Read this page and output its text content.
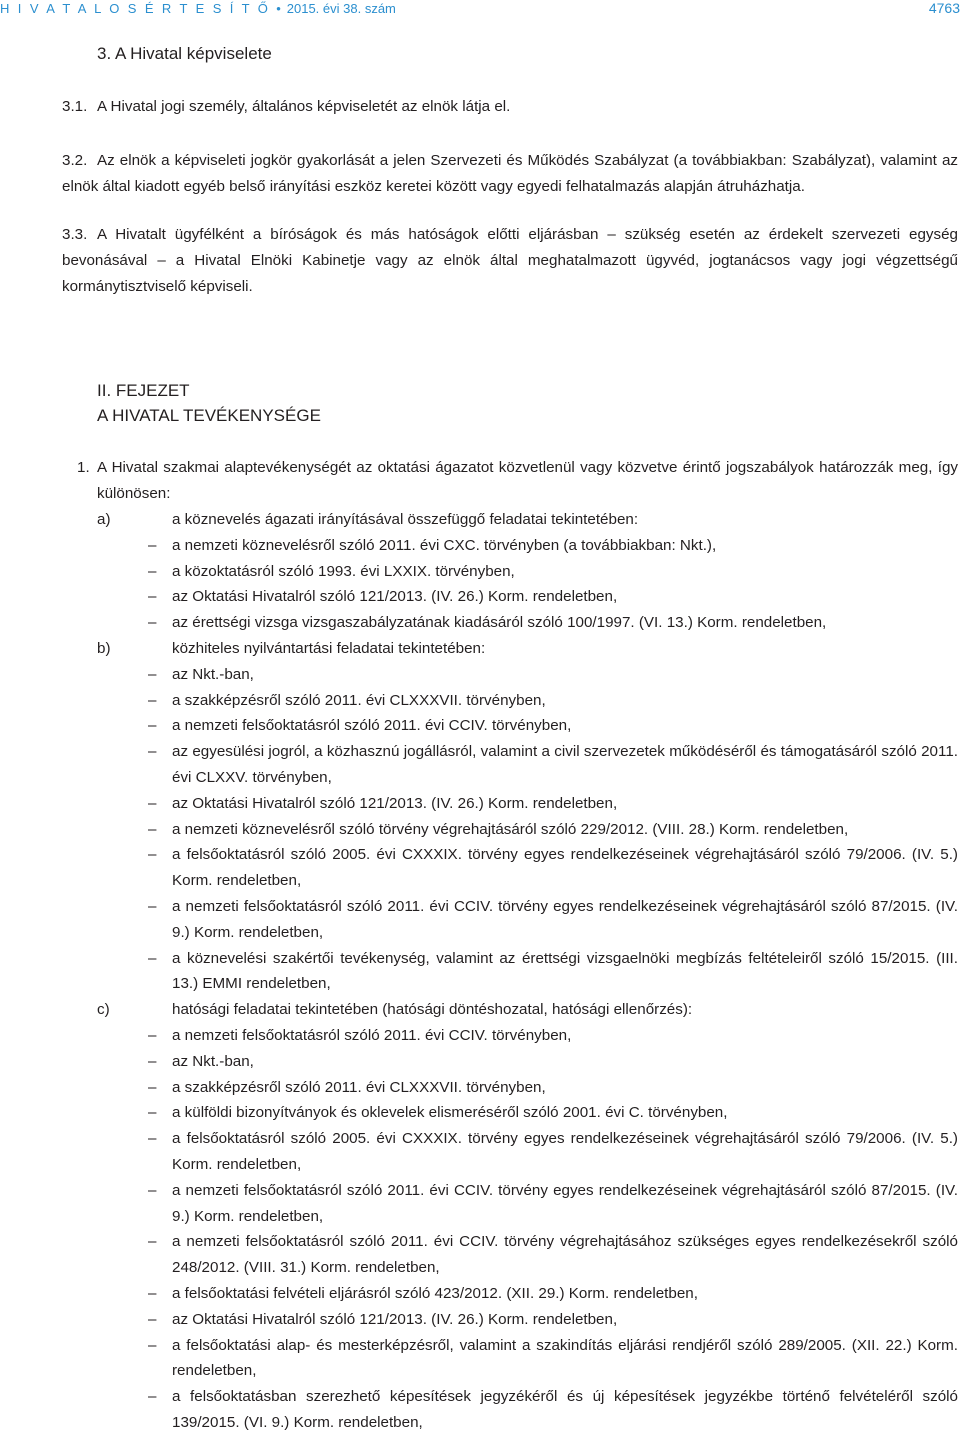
H I V A T A L O S É R T E S Í T Ő • 2015. évi 38. szám	4763
3. A Hivatal képviselete
3.1. A Hivatal jogi személy, általános képviseletét az elnök látja el.
3.2. Az elnök a képviseleti jogkör gyakorlását a jelen Szervezeti és Működés Szabályzat (a továbbiakban: Szabályzat), valamint az elnök által kiadott egyéb belső irányítási eszköz keretei között vagy egyedi felhatalmazás alapján átruházhatja.
3.3. A Hivatalt ügyfélként a bíróságok és más hatóságok előtti eljárásban – szükség esetén az érdekelt szervezeti egység bevonásával – a Hivatal Elnöki Kabinetje vagy az elnök által meghatalmazott ügyvéd, jogtanácsos vagy jogi végzettségű kormánytisztviselő képviseli.
II. FEJEZET
A HIVATAL TEVÉKENYSÉGE
1. A Hivatal szakmai alaptevékenységét az oktatási ágazatot közvetlenül vagy közvetve érintő jogszabályok határozzák meg, így különösen:
a)	a köznevelés ágazati irányításával összefüggő feladatai tekintetében:
–	a nemzeti köznevelésről szóló 2011. évi CXC. törvényben (a továbbiakban: Nkt.),
–	a közoktatásról szóló 1993. évi LXXIX. törvényben,
–	az Oktatási Hivatalról szóló 121/2013. (IV. 26.) Korm. rendeletben,
–	az érettségi vizsga vizsgaszabályzatának kiadásáról szóló 100/1997. (VI. 13.) Korm. rendeletben,
b)	közhiteles nyilvántartási feladatai tekintetében:
–	az Nkt.-ban,
–	a szakképzésről szóló 2011. évi CLXXXVII. törvényben,
–	a nemzeti felsőoktatásról szóló 2011. évi CCIV. törvényben,
–	az egyesülési jogról, a közhasznú jogállásról, valamint a civil szervezetek működéséről és támogatásáról szóló 2011. évi CLXXV. törvényben,
–	az Oktatási Hivatalról szóló 121/2013. (IV. 26.) Korm. rendeletben,
–	a nemzeti köznevelésről szóló törvény végrehajtásáról szóló 229/2012. (VIII. 28.) Korm. rendeletben,
–	a felsőoktatásról szóló 2005. évi CXXXIX. törvény egyes rendelkezéseinek végrehajtásáról szóló 79/2006. (IV. 5.) Korm. rendeletben,
–	a nemzeti felsőoktatásról szóló 2011. évi CCIV. törvény egyes rendelkezéseinek végrehajtásáról szóló 87/2015. (IV. 9.) Korm. rendeletben,
–	a köznevelési szakértői tevékenység, valamint az érettségi vizsgaelnöki megbízás feltételeiről szóló 15/2015. (III. 13.) EMMI rendeletben,
c)	hatósági feladatai tekintetében (hatósági döntéshozatal, hatósági ellenőrzés):
–	a nemzeti felsőoktatásról szóló 2011. évi CCIV. törvényben,
–	az Nkt.-ban,
–	a szakképzésről szóló 2011. évi CLXXXVII. törvényben,
–	a külföldi bizonyítványok és oklevelek elismeréséről szóló 2001. évi C. törvényben,
–	a felsőoktatásról szóló 2005. évi CXXXIX. törvény egyes rendelkezéseinek végrehajtásáról szóló 79/2006. (IV. 5.) Korm. rendeletben,
–	a nemzeti felsőoktatásról szóló 2011. évi CCIV. törvény egyes rendelkezéseinek végrehajtásáról szóló 87/2015. (IV. 9.) Korm. rendeletben,
–	a nemzeti felsőoktatásról szóló 2011. évi CCIV. törvény végrehajtásához szükséges egyes rendelkezésekről szóló 248/2012. (VIII. 31.) Korm. rendeletben,
–	a felsőoktatási felvételi eljárásról szóló 423/2012. (XII. 29.) Korm. rendeletben,
–	az Oktatási Hivatalról szóló 121/2013. (IV. 26.) Korm. rendeletben,
–	a felsőoktatási alap- és mesterképzésről, valamint a szakindítás eljárási rendjéről szóló 289/2005. (XII. 22.) Korm. rendeletben,
–	a felsőoktatásban szerezhető képesítések jegyzékéről és új képesítések jegyzékbe történő felvételéről szóló 139/2015. (VI. 9.) Korm. rendeletben,
